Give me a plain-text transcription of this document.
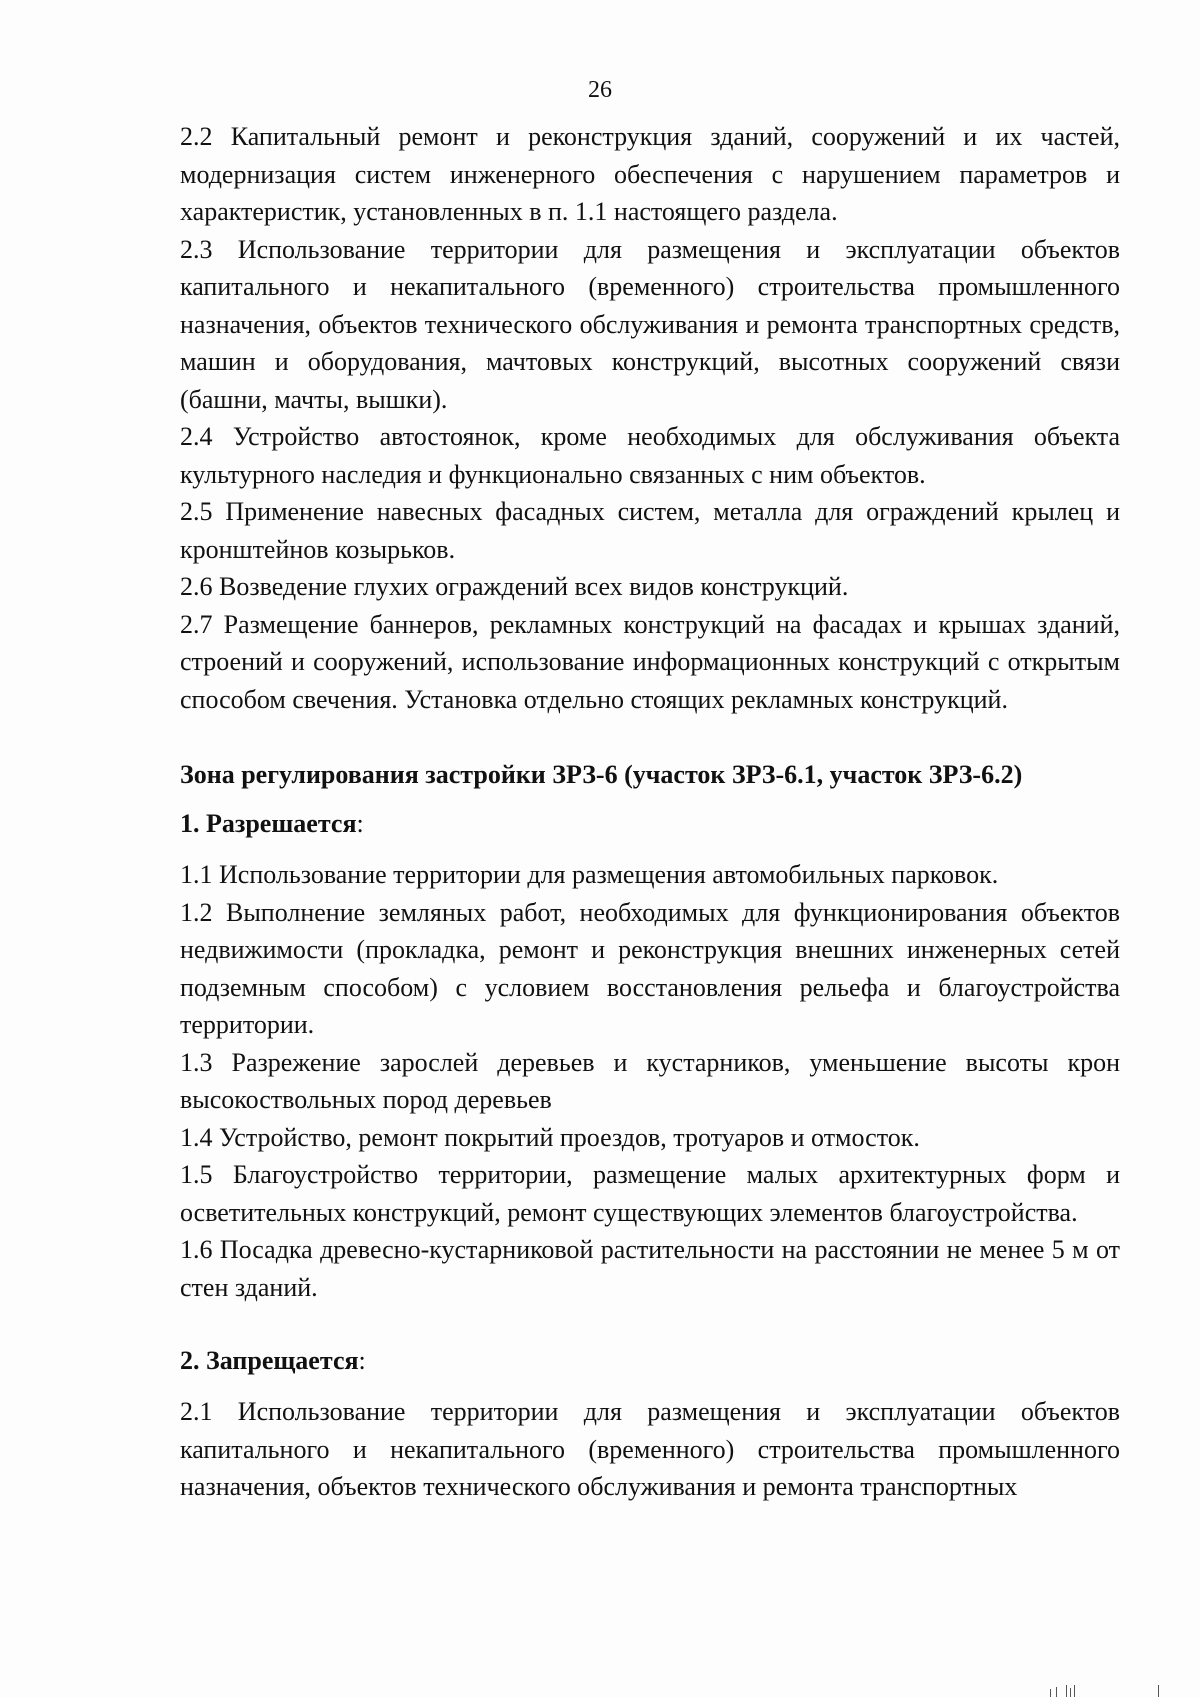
26

2.2 Капитальный ремонт и реконструкция зданий, сооружений и их частей, модернизация систем инженерного обеспечения с нарушением параметров и характеристик, установленных в п. 1.1 настоящего раздела.

2.3 Использование территории для размещения и эксплуатации объектов капитального и некапитального (временного) строительства промышленного назначения, объектов технического обслуживания и ремонта транспортных средств, машин и оборудования, мачтовых конструкций, высотных сооружений связи (башни, мачты, вышки).

2.4 Устройство автостоянок, кроме необходимых для обслуживания объекта культурного наследия и функционально связанных с ним объектов.

2.5 Применение навесных фасадных систем, металла для ограждений крылец и кронштейнов козырьков.

2.6 Возведение глухих ограждений всех видов конструкций.

2.7 Размещение баннеров, рекламных конструкций на фасадах и крышах зданий, строений и сооружений, использование информационных конструкций с открытым способом свечения. Установка отдельно стоящих рекламных конструкций.

Зона регулирования застройки ЗРЗ-6 (участок ЗРЗ-6.1, участок ЗРЗ-6.2)
1. Разрешается:

1.1 Использование территории для размещения автомобильных парковок.

1.2 Выполнение земляных работ, необходимых для функционирования объектов недвижимости (прокладка, ремонт и реконструкция внешних инженерных сетей подземным способом) с условием восстановления рельефа и благоустройства территории.

1.3 Разрежение зарослей деревьев и кустарников, уменьшение высоты крон высокоствольных пород деревьев

1.4 Устройство, ремонт покрытий проездов, тротуаров и отмосток.

1.5 Благоустройство территории, размещение малых архитектурных форм и осветительных конструкций, ремонт существующих элементов благоустройства.

1.6 Посадка древесно-кустарниковой растительности на расстоянии не менее 5 м от стен зданий.

2. Запрещается:

2.1 Использование территории для размещения и эксплуатации объектов капитального и некапитального (временного) строительства промышленного назначения, объектов технического обслуживания и ремонта транспортных
